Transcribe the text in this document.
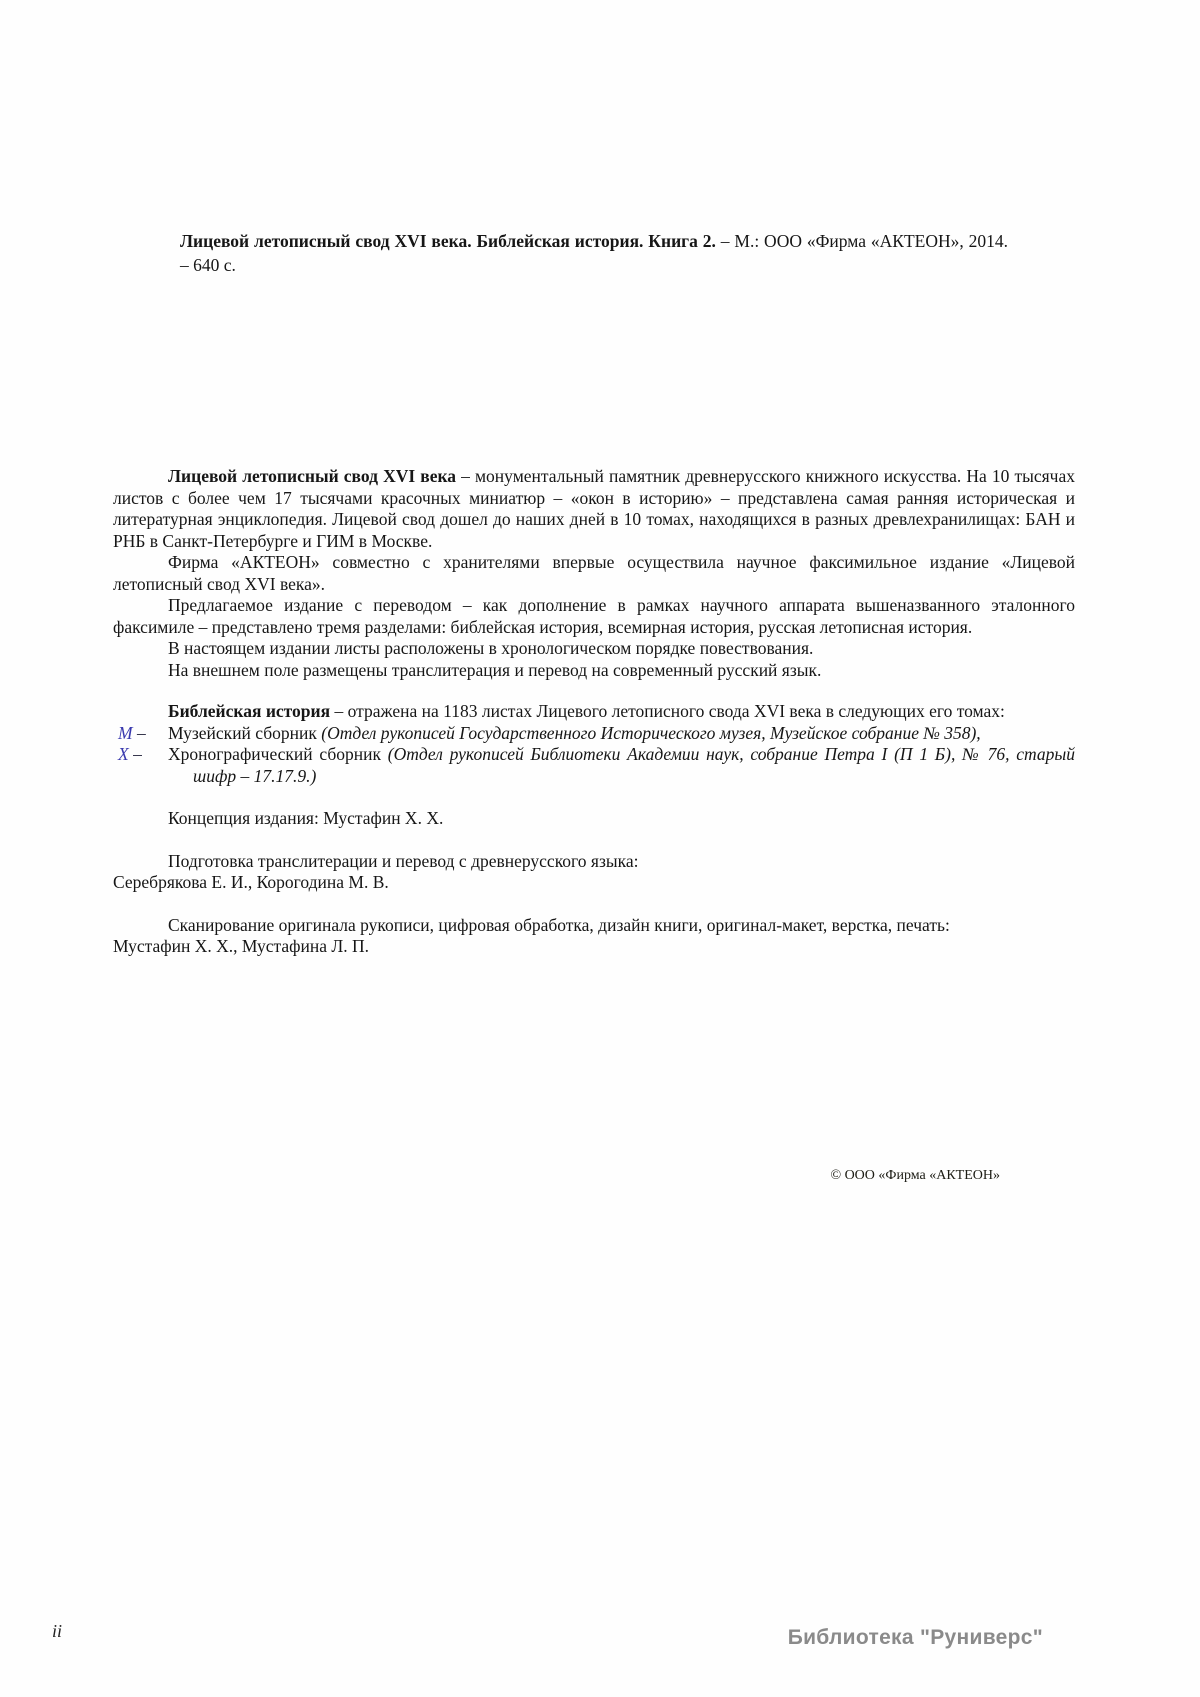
Лицевой летописный свод XVI века. Библейская история. Книга 2. – М.: ООО «Фирма «АКТЕОН», 2014. – 640 с.

Лицевой летописный свод XVI века – монументальный памятник древнерусского книжного искусства. На 10 тысячах листов с более чем 17 тысячами красочных миниатюр – «окон в историю» – представлена самая ранняя историческая и литературная энциклопедия. Лицевой свод дошел до наших дней в 10 томах, находящихся в разных древлехранилищах: БАН и РНБ в Санкт-Петербурге и ГИМ в Москве.

Фирма «АКТЕОН» совместно с хранителями впервые осуществила научное факсимильное издание «Лицевой летописный свод XVI века».

Предлагаемое издание с переводом – как дополнение в рамках научного аппарата вышеназванного эталонного факсимиле – представлено тремя разделами: библейская история, всемирная история, русская летописная история.

В настоящем издании листы расположены в хронологическом порядке повествования.

На внешнем поле размещены транслитерация и перевод на современный русский язык.

Библейская история – отражена на 1183 листах Лицевого летописного свода XVI века в следующих его томах:

М – Музейский сборник (Отдел рукописей Государственного Исторического музея, Музейское собрание № 358),
Х – Хронографический сборник (Отдел рукописей Библиотеки Академии наук, собрание Петра I (П 1 Б), № 76, старый шифр – 17.17.9.)

Концепция издания: Мустафин Х. Х.

Подготовка транслитерации и перевод с древнерусского языка:

Серебрякова Е. И., Корогодина М. В.

Сканирование оригинала рукописи, цифровая обработка, дизайн книги, оригинал-макет, верстка, печать:

Мустафин Х. Х., Мустафина Л. П.

© ООО «Фирма «АКТЕОН»

ii	Библиотека "Руниверс"
